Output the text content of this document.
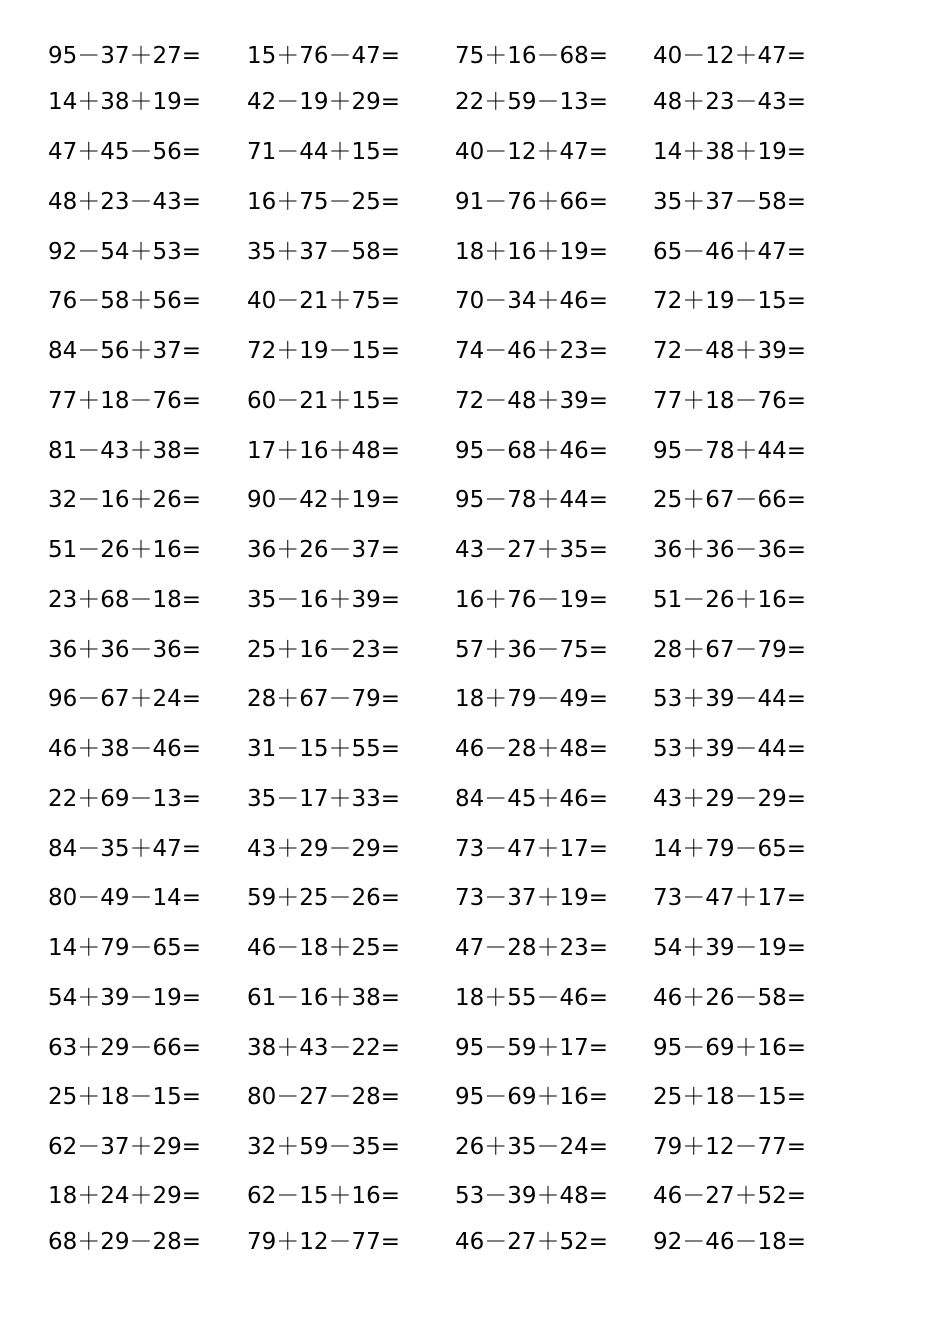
95－37＋27= 15＋76－47= 75＋16－68= 40－12＋47=
14＋38＋19= 42－19＋29= 22＋59－13= 48＋23－43=
47＋45－56= 71－44＋15= 40－12＋47= 14＋38＋19=
48＋23－43= 16＋75－25= 91－76＋66= 35＋37－58=
92－54＋53= 35＋37－58= 18＋16＋19= 65－46＋47=
76－58＋56= 40－21＋75= 70－34＋46= 72＋19－15=
84－56＋37= 72＋19－15= 74－46＋23= 72－48＋39=
77＋18－76= 60－21＋15= 72－48＋39= 77＋18－76=
81－43＋38= 17＋16＋48= 95－68＋46= 95－78＋44=
32－16＋26= 90－42＋19= 95－78＋44= 25＋67－66=
51－26＋16= 36＋26－37= 43－27＋35= 36＋36－36=
23＋68－18= 35－16＋39= 16＋76－19= 51－26＋16=
36＋36－36= 25＋16－23= 57＋36－75= 28＋67－79=
96－67＋24= 28＋67－79= 18＋79－49= 53＋39－44=
46＋38－46= 31－15＋55= 46－28＋48= 53＋39－44=
22＋69－13= 35－17＋33= 84－45＋46= 43＋29－29=
84－35＋47= 43＋29－29= 73－47＋17= 14＋79－65=
80－49－14= 59＋25－26= 73－37＋19= 73－47＋17=
14＋79－65= 46－18＋25= 47－28＋23= 54＋39－19=
54＋39－19= 61－16＋38= 18＋55－46= 46＋26－58=
63＋29－66= 38＋43－22= 95－59＋17= 95－69＋16=
25＋18－15= 80－27－28= 95－69＋16= 25＋18－15=
62－37＋29= 32＋59－35= 26＋35－24= 79＋12－77=
18＋24＋29= 62－15＋16= 53－39＋48= 46－27＋52=
68＋29－28= 79＋12－77= 46－27＋52= 92－46－18=
